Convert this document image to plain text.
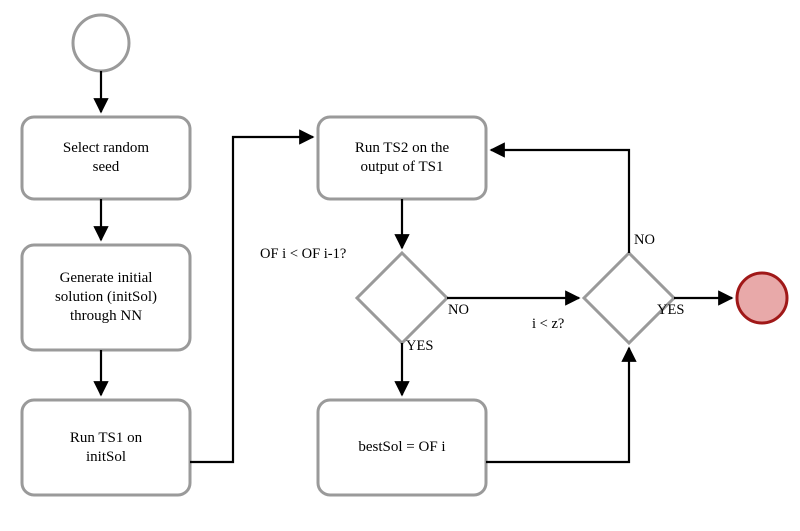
Select random
seed
Generate initial
solution (initSol)
through NN
Run TS1 on
initSol
Run TS2 on the
output of TS1
bestSol = OF i
OF i < OF i-1?
i < z?
NO
YES
NO
YES
